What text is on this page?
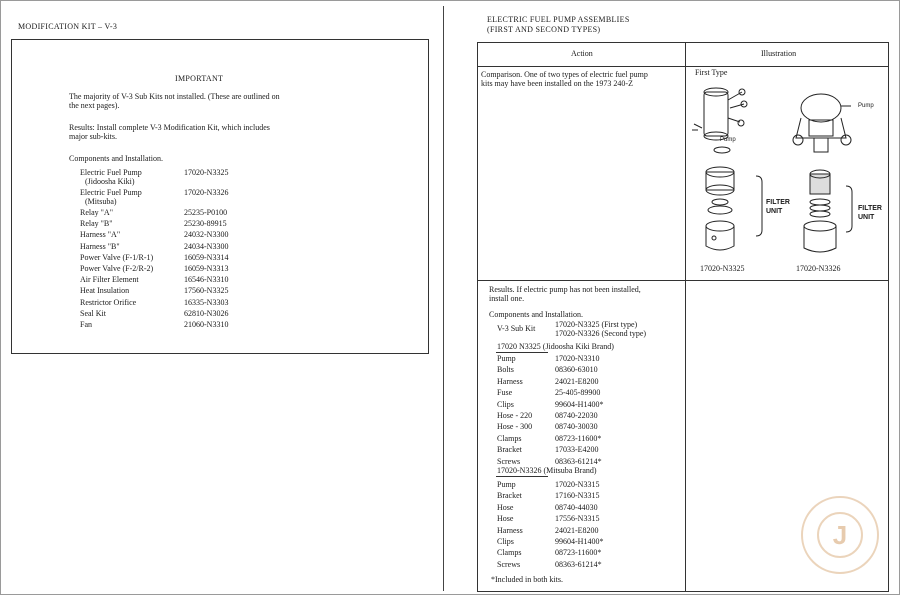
MODIFICATION KIT – V-3
IMPORTANT
The majority of V-3 Sub Kits not installed. (These are outlined on
the next pages).
Results: Install complete V-3 Modification Kit, which includes
major sub-kits.
Components and Installation.
Electric Fuel Pump	17020-N3325
(Jidoosha Kiki)
Electric Fuel Pump	17020-N3326
(Mitsuba)
Relay "A"	25235-P0100
Relay "B"	25230-89915
Harness "A"	24032-N3300
Harness "B"	24034-N3300
Power Valve (F-1/R-1)	16059-N3314
Power Valve (F-2/R-2)	16059-N3313
Air Filter Element	16546-N3310
Heat Insulation	17560-N3325
Restrictor Orifice	16335-N3303
Seal Kit	62810-N3026
Fan	21060-N3310
ELECTRIC FUEL PUMP ASSEMBLIES
(FIRST AND SECOND TYPES)
Action	Illustration
Comparison. One of two types of electric fuel pump
kits may have been installed on the 1973 240-Z
First Type
Pump
Pump
FILTER
UNIT	FILTER
UNIT
17020-N3325	17020-N3326
Results. If electric pump has not been installed,
install one.
Components and Installation.
V-3 Sub Kit 17020-N3325 (First type)
17020-N3326 (Second type)
17020 N3325 (Jidoosha Kiki Brand)
Pump	17020-N3310
Bolts	08360-63010
Harness	24021-E8200
Fuse	25-405-89900
Clips	99604-H1400*
Hose - 220	08740-22030
Hose - 300	08740-30030
Clamps	08723-11600*
Bracket	17033-E4200
Screws	08363-61214*
17020-N3326 (Mitsuba Brand)
Pump	17020-N3315
Bracket	17160-N3315
Hose	08740-44030
Hose	17556-N3315
Harness	24021-E8200
Clips	99604-H1400*
Clamps	08723-11600*
Screws	08363-61214*
*Included in both kits.
J
